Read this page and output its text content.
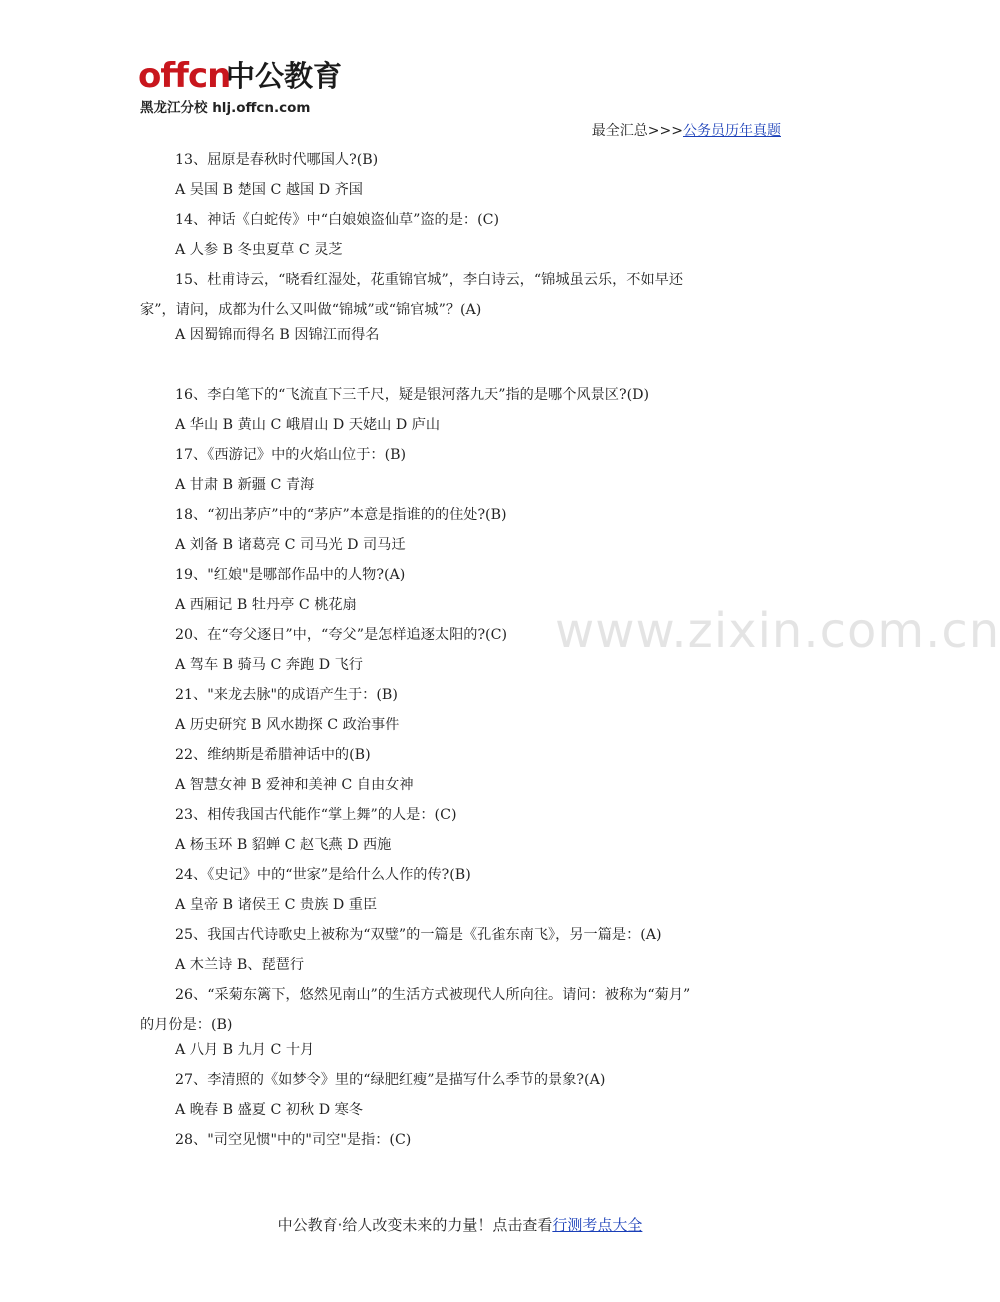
offcn
中公教育
黑龙江分校 hlj.offcn.com
最全汇总>>>公务员历年真题
www.zixin.com.cn
13、屈原是春秋时代哪国人?(B)
A 吴国 B 楚国 C 越国 D 齐国
14、神话《白蛇传》中“白娘娘盗仙草”盗的是：(C)
A 人参 B 冬虫夏草 C 灵芝
15、杜甫诗云，“晓看红湿处，花重锦官城”，李白诗云，“锦城虽云乐，不如早还
家”，请问，成都为什么又叫做“锦城”或“锦官城”？(A)
A 因蜀锦而得名 B 因锦江而得名
16、李白笔下的“飞流直下三千尺，疑是银河落九天”指的是哪个风景区?(D)
A 华山 B 黄山 C 峨眉山 D 天姥山 D 庐山
17、《西游记》中的火焰山位于：(B)
A 甘肃 B 新疆 C 青海
18、“初出茅庐”中的“茅庐”本意是指谁的的住处?(B)
A 刘备 B 诸葛亮 C 司马光 D 司马迁
19、"红娘"是哪部作品中的人物?(A)
A 西厢记 B 牡丹亭 C 桃花扇
20、在“夸父逐日”中，“夸父”是怎样追逐太阳的?(C)
A 驾车 B 骑马 C 奔跑 D 飞行
21、"来龙去脉"的成语产生于：(B)
A 历史研究 B 风水勘探 C 政治事件
22、维纳斯是希腊神话中的(B)
A 智慧女神 B 爱神和美神 C 自由女神
23、相传我国古代能作“掌上舞”的人是：(C)
A 杨玉环 B 貂蝉 C 赵飞燕 D 西施
24、《史记》中的“世家”是给什么人作的传?(B)
A 皇帝 B 诸侯王 C 贵族 D 重臣
25、我国古代诗歌史上被称为“双璧”的一篇是《孔雀东南飞》，另一篇是：(A)
A 木兰诗 B、琵琶行
26、“采菊东篱下，悠然见南山”的生活方式被现代人所向往。请问：被称为“菊月”
的月份是：(B)
A 八月 B 九月 C 十月
27、李清照的《如梦令》里的“绿肥红瘦”是描写什么季节的景象?(A)
A 晚春 B 盛夏 C 初秋 D 寒冬
28、"司空见惯"中的"司空"是指：(C)
中公教育·给人改变未来的力量！点击查看行测考点大全
